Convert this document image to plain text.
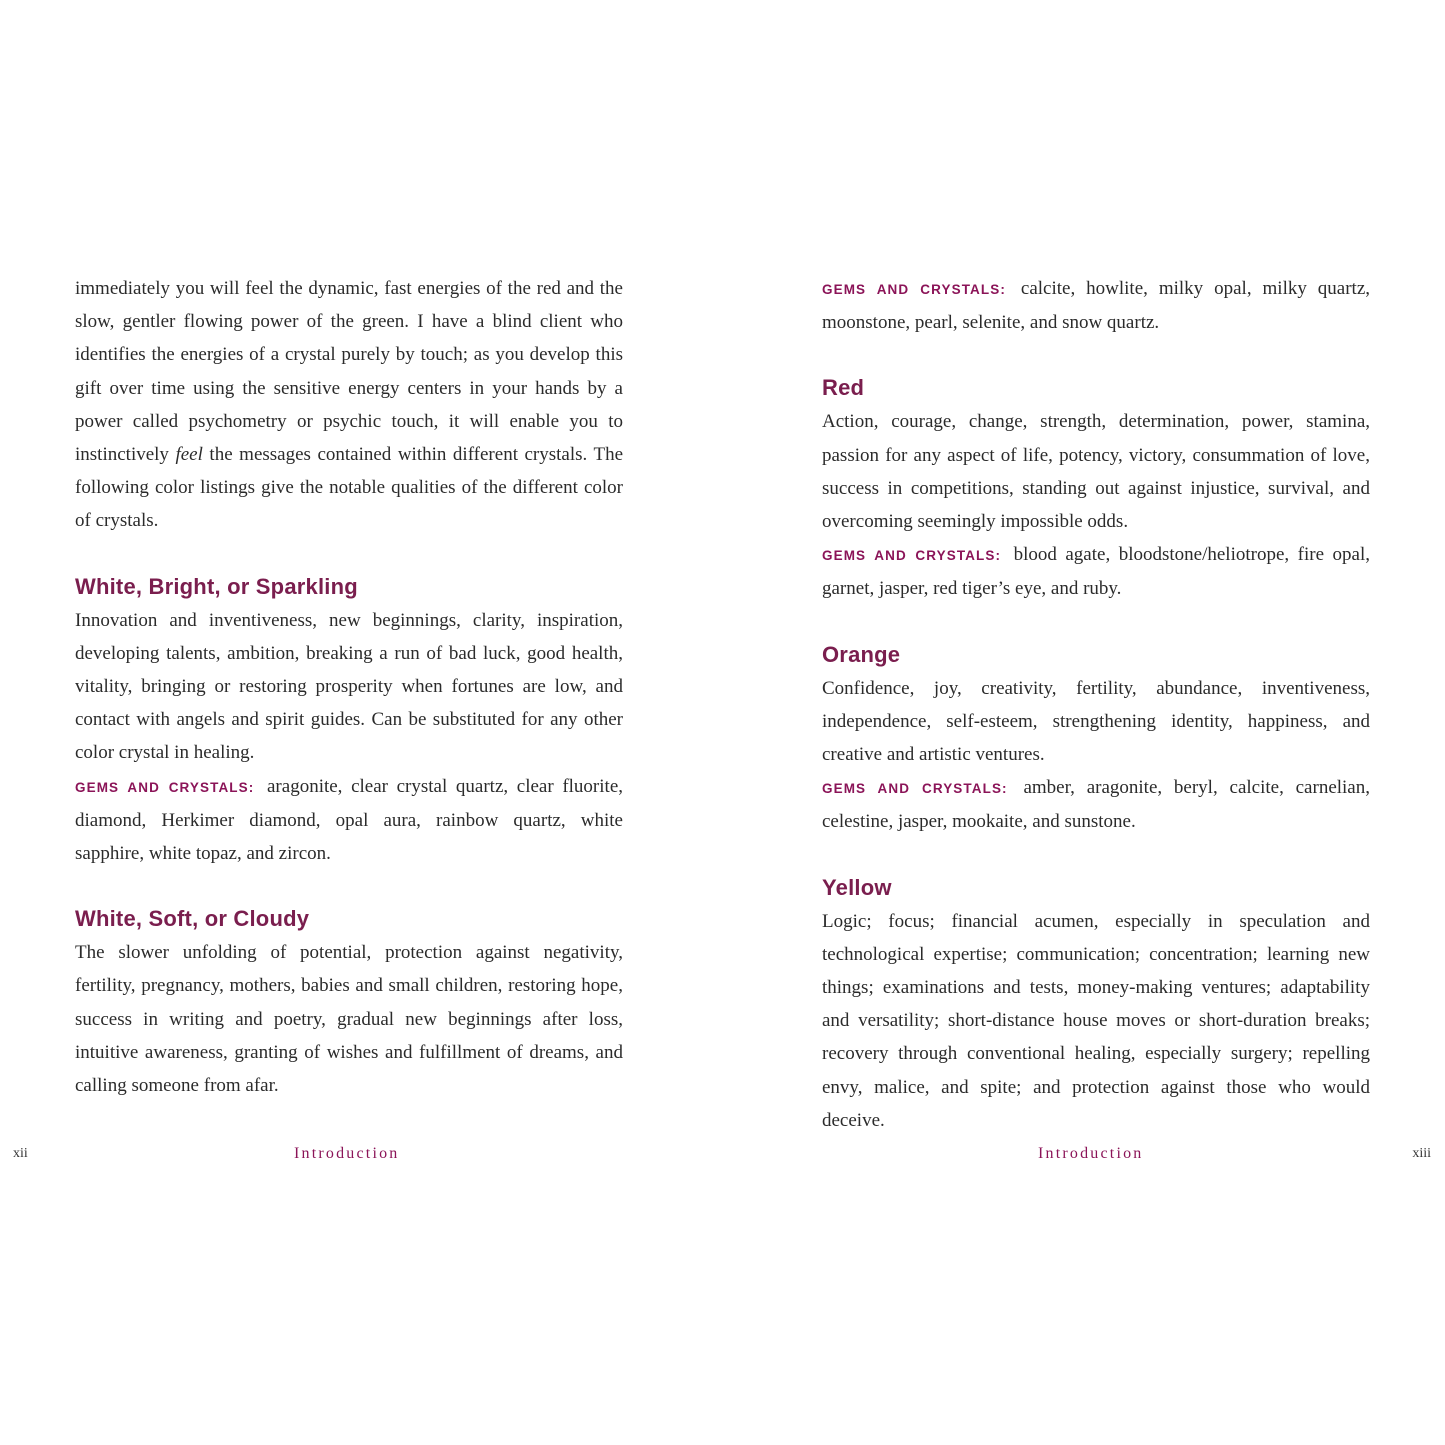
immediately you will feel the dynamic, fast energies of the red and the slow, gentler flowing power of the green. I have a blind client who identifies the energies of a crystal purely by touch; as you develop this gift over time using the sensitive energy centers in your hands by a power called psychometry or psychic touch, it will enable you to instinctively feel the messages contained within different crystals. The following color listings give the notable qualities of the different color of crystals.

White, Bright, or Sparkling

Innovation and inventiveness, new beginnings, clarity, inspiration, developing talents, ambition, breaking a run of bad luck, good health, vitality, bringing or restoring prosperity when fortunes are low, and contact with angels and spirit guides. Can be substituted for any other color crystal in healing.

GEMS AND CRYSTALS: aragonite, clear crystal quartz, clear fluorite, diamond, Herkimer diamond, opal aura, rainbow quartz, white sapphire, white topaz, and zircon.

White, Soft, or Cloudy

The slower unfolding of potential, protection against negativity, fertility, pregnancy, mothers, babies and small children, restoring hope, success in writing and poetry, gradual new beginnings after loss, intuitive awareness, granting of wishes and fulfillment of dreams, and calling someone from afar.

GEMS AND CRYSTALS: calcite, howlite, milky opal, milky quartz, moonstone, pearl, selenite, and snow quartz.

Red

Action, courage, change, strength, determination, power, stamina, passion for any aspect of life, potency, victory, consummation of love, success in competitions, standing out against injustice, survival, and overcoming seemingly impossible odds.

GEMS AND CRYSTALS: blood agate, bloodstone/heliotrope, fire opal, garnet, jasper, red tiger’s eye, and ruby.

Orange

Confidence, joy, creativity, fertility, abundance, inventiveness, independence, self-esteem, strengthening identity, happiness, and creative and artistic ventures.

GEMS AND CRYSTALS: amber, aragonite, beryl, calcite, carnelian, celestine, jasper, mookaite, and sunstone.

Yellow

Logic; focus; financial acumen, especially in speculation and technological expertise; communication; concentration; learning new things; examinations and tests, money-making ventures; adaptability and versatility; short-distance house moves or short-duration breaks; recovery through conventional healing, especially surgery; repelling envy, malice, and spite; and protection against those who would deceive.

xii	Introduction	Introduction	xiii
